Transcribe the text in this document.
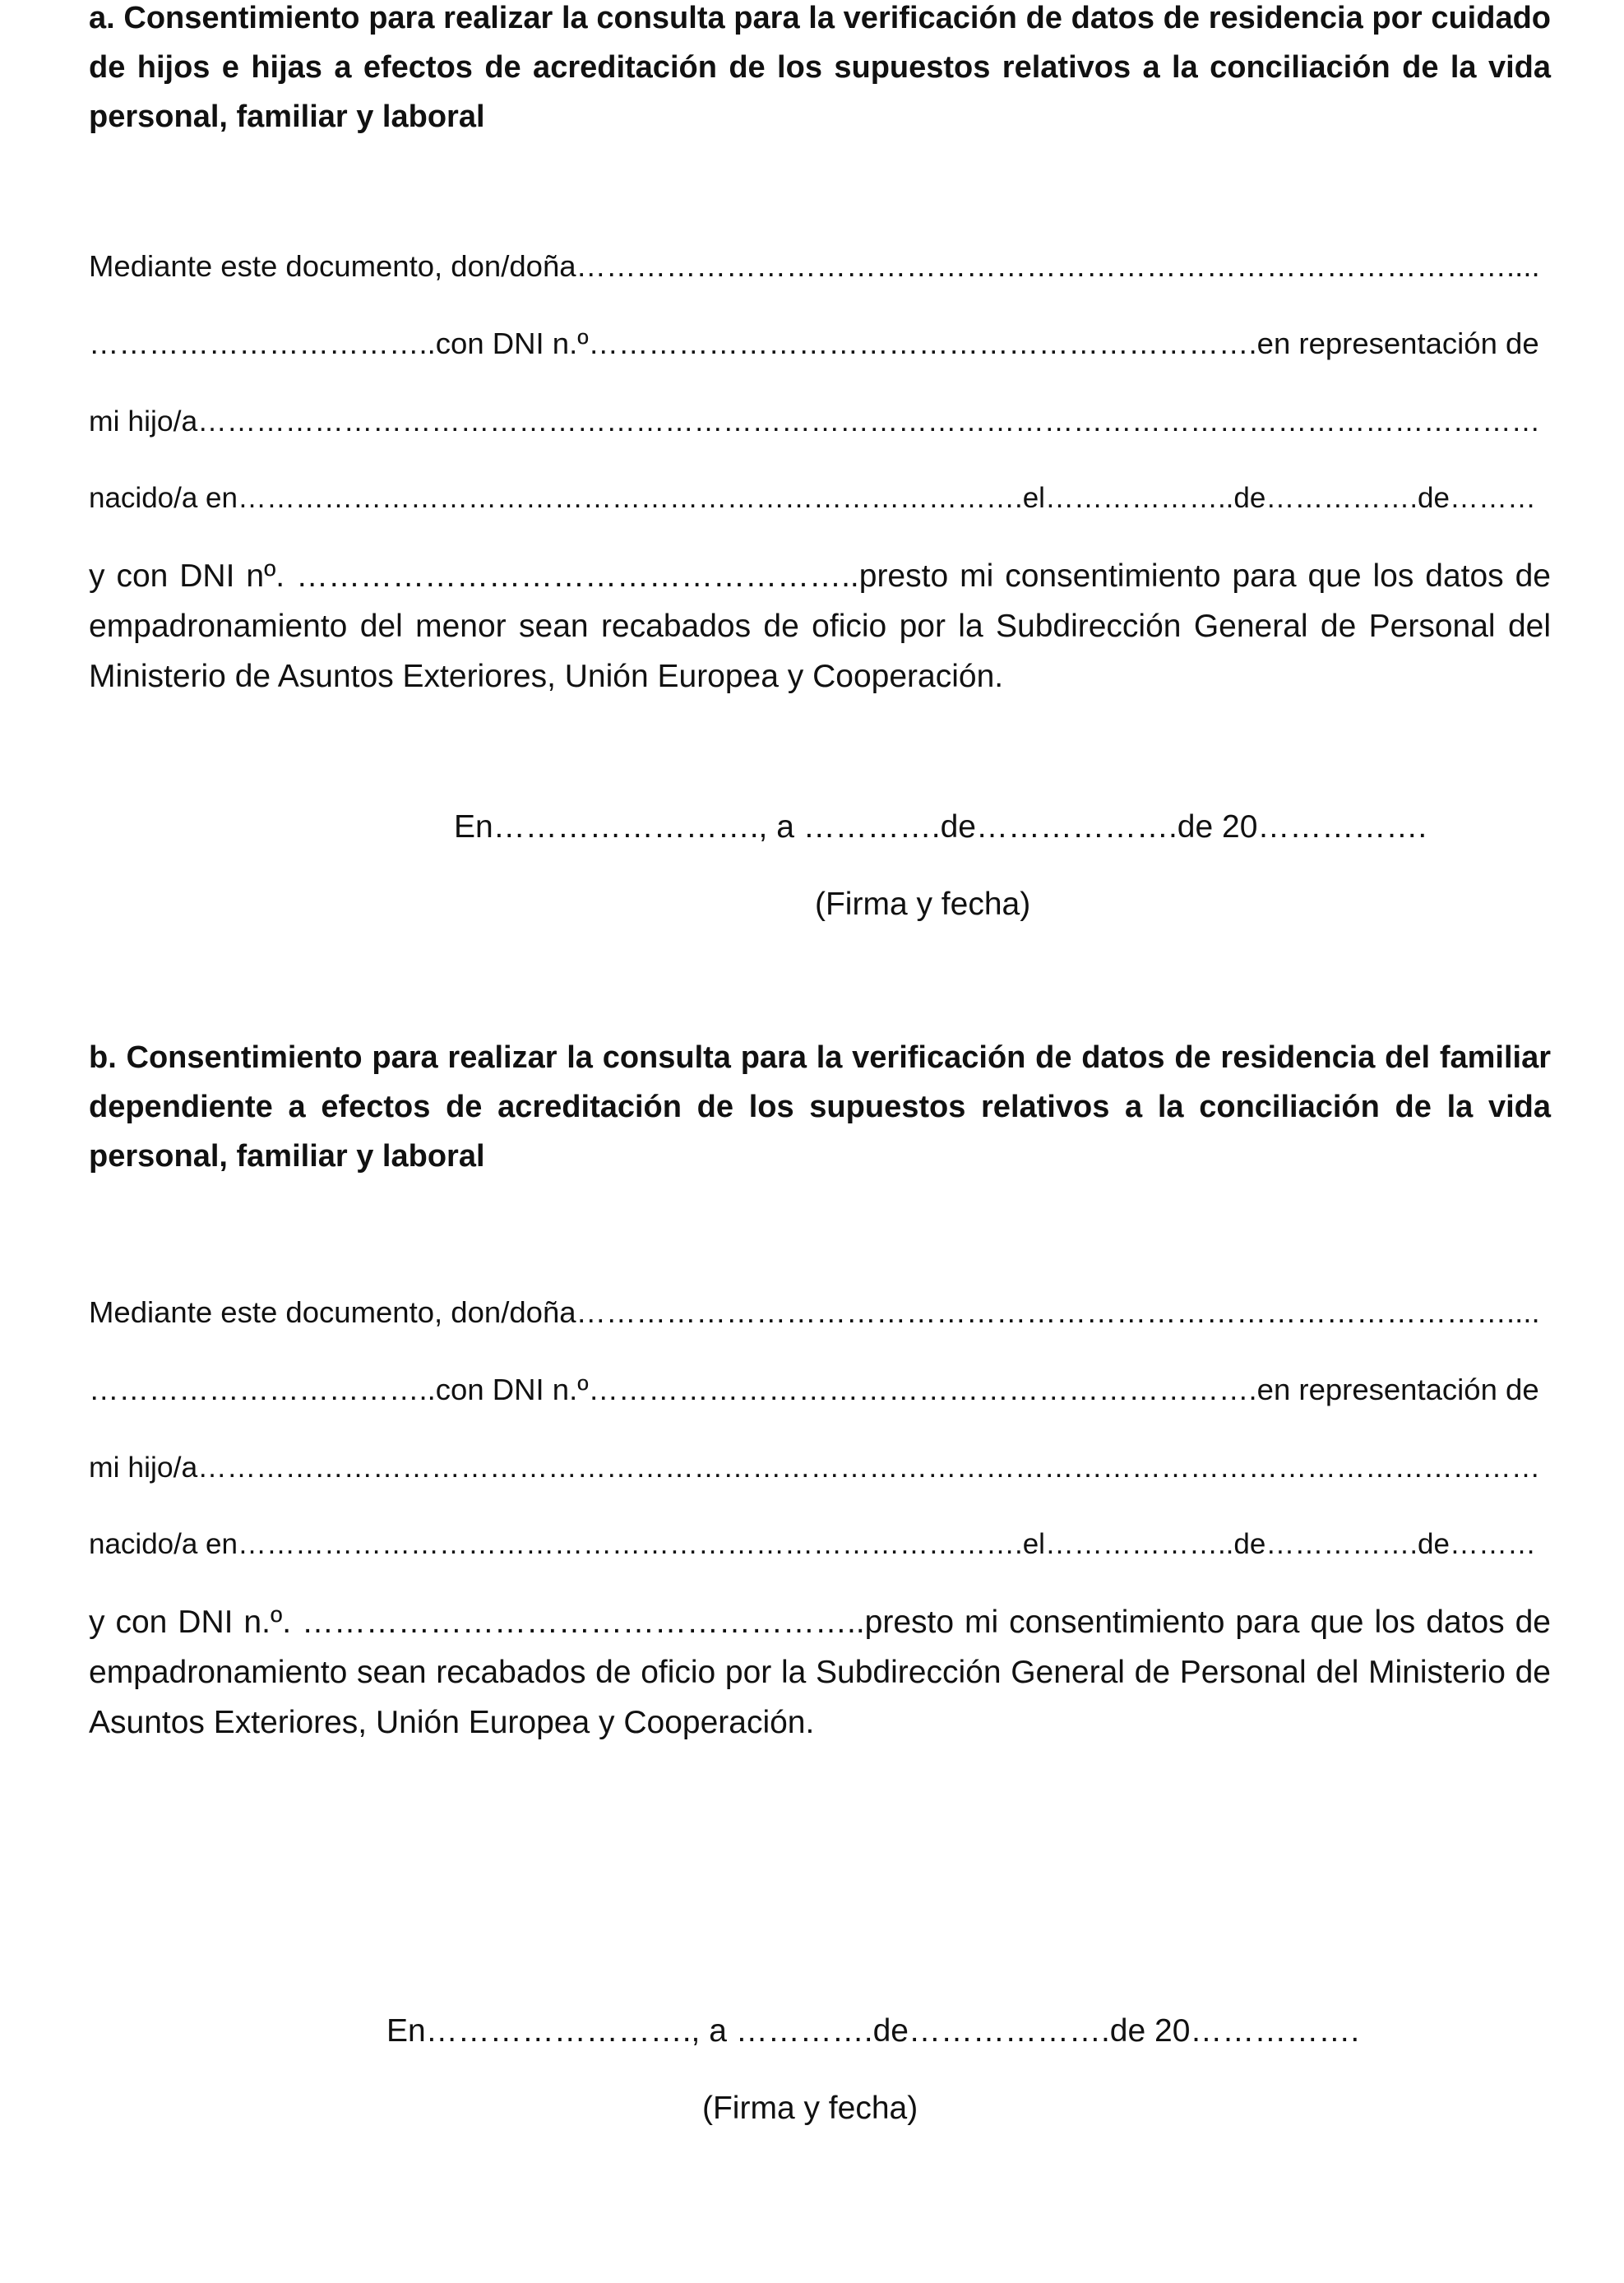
a. Consentimiento para realizar la consulta para la verificación de datos de residencia por cuidado de hijos e hijas a efectos de acreditación de los supuestos relativos a la conciliación de la vida personal, familiar y laboral

Mediante este documento, don/doña…………………………………………………………………………………....

……………………………..con DNI n.º………………………………………………………….en representación de

mi hijo/a…………………………………………………………………………………………………………………………

nacido/a en……………………………………………………………………….el………………..de…………….de………

y con DNI nº. ……………………………………………..presto mi consentimiento para que los datos de empadronamiento del menor sean recabados de oficio por la Subdirección General de Personal del Ministerio de Asuntos Exteriores, Unión Europea y Cooperación.

En……………………., a ………….de……………….de 20…………….

(Firma y fecha)

b. Consentimiento para realizar la consulta para la verificación de datos de residencia del familiar dependiente a efectos de acreditación de los supuestos relativos a la conciliación de la vida personal, familiar y laboral

Mediante este documento, don/doña…………………………………………………………………………………....

……………………………..con DNI n.º………………………………………………………….en representación de

mi hijo/a…………………………………………………………………………………………………………………………

nacido/a en……………………………………………………………………….el………………..de…………….de………

y con DNI n.º. ……………………………………………..presto mi consentimiento para que los datos de empadronamiento sean recabados de oficio por la Subdirección General de Personal del Ministerio de Asuntos Exteriores, Unión Europea y Cooperación.

En……………………., a ………….de……………….de 20…………….

(Firma y fecha)
